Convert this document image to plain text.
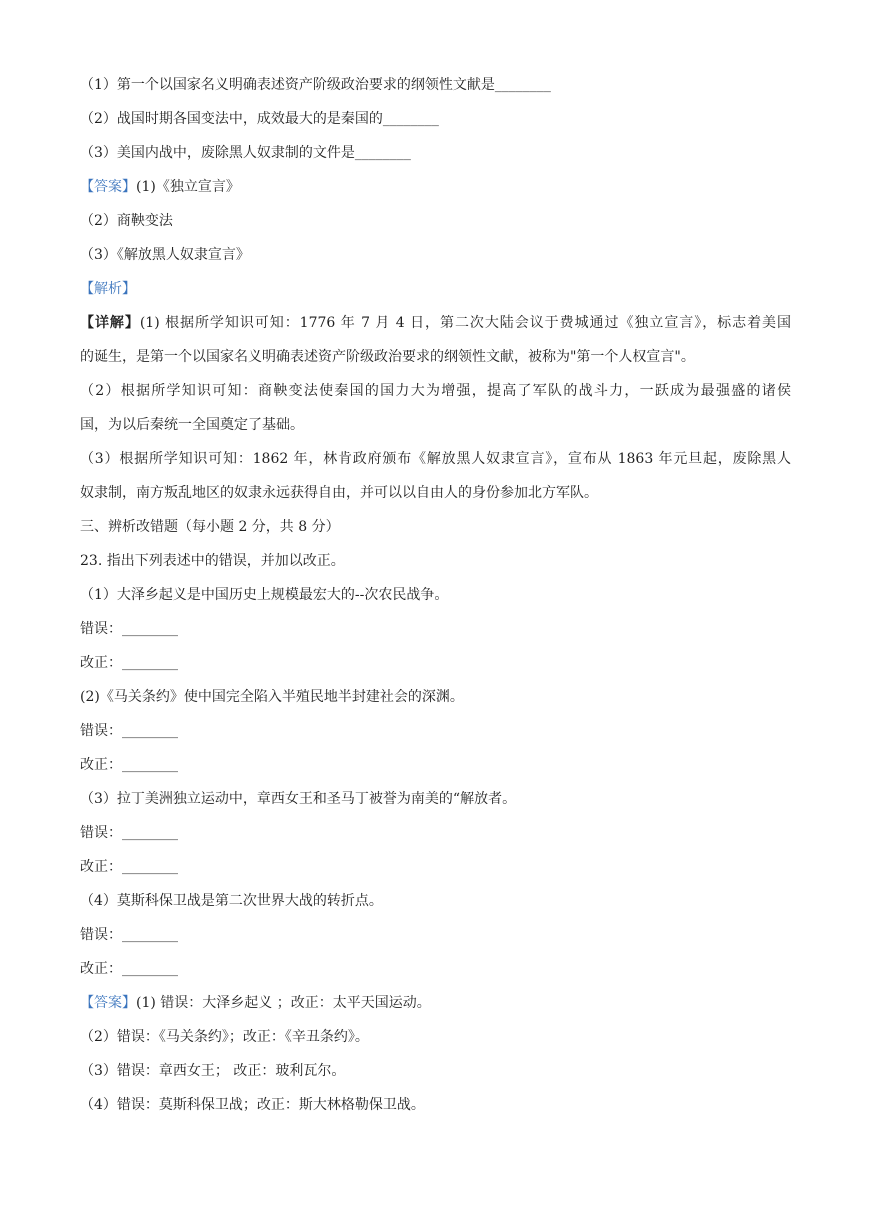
（1）第一个以国家名义明确表述资产阶级政治要求的纲领性文献是________
（2）战国时期各国变法中，成效最大的是秦国的________
（3）美国内战中，废除黑人奴隶制的文件是________
【答案】(1)《独立宣言》
（2）商鞅变法
（3）《解放黑人奴隶宣言》
【解析】
【详解】(1) 根据所学知识可知：1776 年 7 月 4 日，第二次大陆会议于费城通过《独立宣言》，标志着美国
的诞生，是第一个以国家名义明确表述资产阶级政治要求的纲领性文献，被称为"第一个人权宣言"。
（2）根据所学知识可知：商鞅变法使秦国的国力大为增强，提高了军队的战斗力，一跃成为最强盛的诸侯
国，为以后秦统一全国奠定了基础。
（3）根据所学知识可知：1862 年，林肯政府颁布《解放黑人奴隶宣言》，宣布从 1863 年元旦起，废除黑人
奴隶制，南方叛乱地区的奴隶永远获得自由，并可以以自由人的身份参加北方军队。
三、辨析改错题（每小题 2 分，共 8 分）
23. 指出下列表述中的错误，并加以改正。
（1）大泽乡起义是中国历史上规模最宏大的--次农民战争。
错误：________
改正：________
(2)《马关条约》使中国完全陷入半殖民地半封建社会的深渊。
错误：________
改正：________
（3）拉丁美洲独立运动中，章西女王和圣马丁被誉为南美的“解放者。
错误：________
改正：________
（4）莫斯科保卫战是第二次世界大战的转折点。
错误：________
改正：________
【答案】(1) 错误：大泽乡起义 ；改正：太平天国运动。
（2）错误：《马关条约》；改正：《辛丑条约》。
（3）错误：章西女王； 改正：玻利瓦尔。
（4）错误：莫斯科保卫战；改正：斯大林格勒保卫战。
